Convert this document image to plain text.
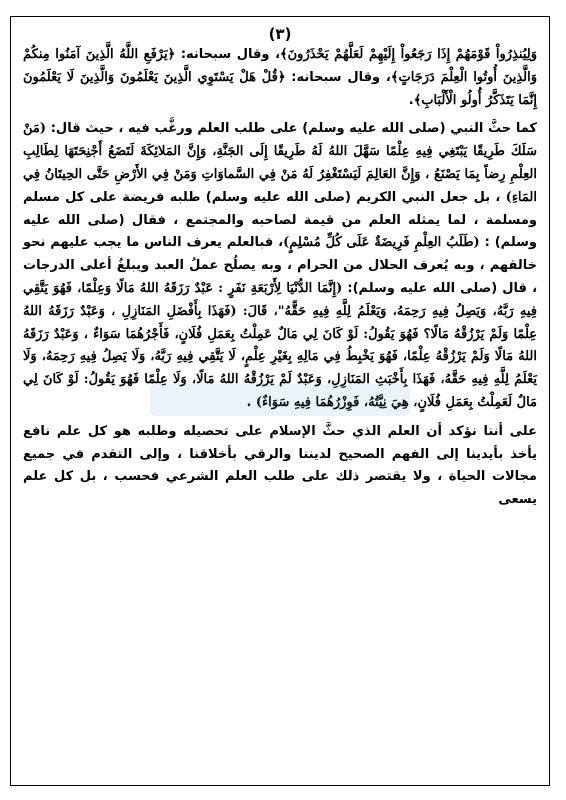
(٣)

وَلِيُنذِرُواْ قَوْمَهُمْ إِذَا رَجَعُواْ إِلَيْهِمْ لَعَلَّهُمْ يَحْذَرُونَ﴾، وقال سبحانه: ﴿يَرْفَعِ اللَّهُ الَّذِينَ آمَنُوا مِنكُمْ وَالَّذِينَ أُوتُوا الْعِلْمَ دَرَجَاتٍ﴾، وقال سبحانه: ﴿قُلْ هَلْ يَسْتَوِي الَّذِينَ يَعْلَمُونَ وَالَّذِينَ لَا يَعْلَمُونَ إِنَّمَا يَتَذَكَّرُ أُولُو الْأَلْبَابِ﴾.

كما حثَّ النبي (صلى الله عليه وسلم) على طلب العلم ورغَّب فيه ، حيث قال: (مَنْ سَلَكَ طَرِيقًا يَبْتَغِي فِيهِ عِلْمًا سَهَّلَ اللهُ لَهُ طَرِيقًا إِلَى الجَنَّةِ، وَإِنَّ المَلائِكَةَ لَتَضَعُ أَجْنِحَتَهَا لِطَالِبِ العِلْمِ رِضاً بِمَا يَصْنَعُ ، وَإِنَّ العَالِمَ لَيَسْتَغْفِرُ لَهُ مَنْ فِي السَّماوَاتِ وَمَنْ فِي الأَرْضِ حَتَّى الحِيتَانُ فِي المَاءِ) ، بل جعل النبي الكريم (صلى الله عليه وسلم) طلبه فريضة على كل مسلم ومسلمة ، لما يمثله العلم من قيمة لصاحبه والمجتمع ، فقال (صلى الله عليه وسلم) : (طَلَبُ العِلْمِ فَرِيضَةٌ عَلَى كُلِّ مُسْلِمٍ)، فبالعلم يعرف الناس ما يجب عليهم نحو خالقهم ، وبه يُعرف الحلال من الحرام ، وبه يصلُح عملُ العبد ويبلغُ أعلى الدرجات ، قال (صلى الله عليه وسلم): (إِنَّمَا الدُّنْيَا لِأَرْبَعَةِ نَفَرٍ : عَبْدٌ رَزَقَهُ اللهُ مَالًا وَعِلْمًا، فَهُوَ يَتَّقِي فِيهِ رَبَّهُ، وَيَصِلُ فِيهِ رَحِمَهُ، وَيَعْلَمُ لِلَّهِ فِيهِ حَقًّهُ"، قَالَ: (فَهَذَا بِأَفْضَلِ المَنَازِلِ ، وَعَبْدٌ رَزَقَهُ اللهُ عِلْمًا وَلَمْ يَرْزُقْهُ مَالًا؟ فَهُوَ يَقُولُ: لَوْ كَانَ لِي مَالٌ عَمِلْتُ بِعَمَلِ فُلَانٍ، فَأَجْرُهُمَا سَوَاءٌ ، وَعَبْدٌ رَزَقَهُ اللهُ مَالًا وَلَمْ يَرْزُقْهُ عِلْمًا، فَهُوَ يَخْبِطُ فِي مَالِهِ بِغَيْرِ عِلْمٍ، لَا يَتَّقِي فِيهِ رَبَّهُ، وَلَا يَصِلُ فِيهِ رَحِمَهُ، وَلَا يَعْلَمُ لِلَّهِ فِيهِ حَقَّهُ، فَهَذَا بِأَخْبَثِ المَنَازِلِ، وَعَبْدٌ لَمْ يَرْزُقْهُ اللهُ مَالًا، وَلَا عِلْمًا فَهُوَ يَقُولُ: لَوْ كَانَ لِي مَالٌ لَعَمِلْتُ بِعَمَلِ فُلَانٍ، هِيَ نِيَّتُهُ، فَوِزْرُهُمَا فِيهِ سَوَاءٌ) .

على أننا نؤكد أن العلم الذي حثَّ الإسلام على تحصيله وطلبه هو كل علم نافع يأخذ بأيدينا إلى الفهم الصحيح لديننا والرقي بأخلاقنا ، وإلى التقدم في جميع مجالات الحياة ، ولا يقتصر ذلك على طلب العلم الشرعي فحسب ، بل كل علم يسعى
